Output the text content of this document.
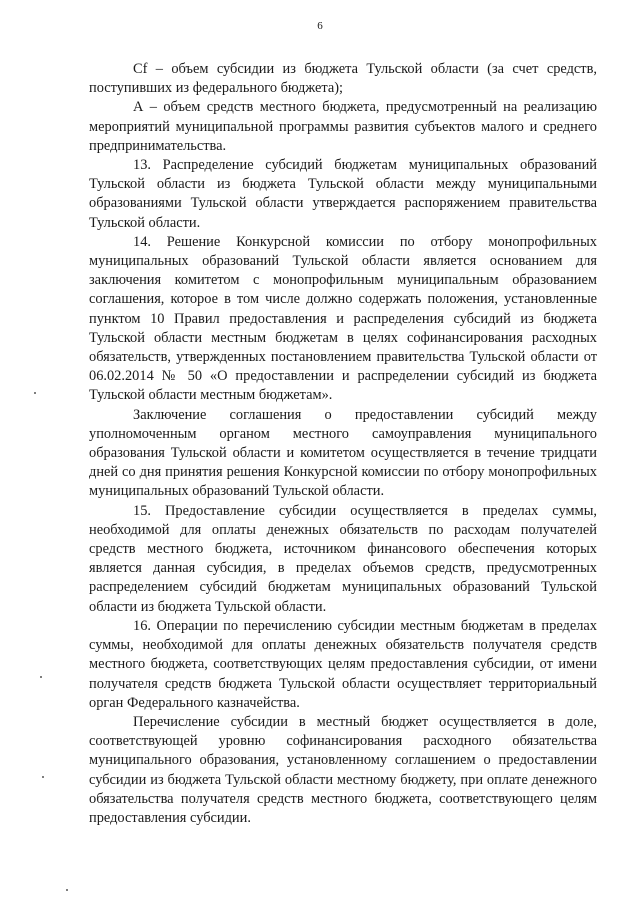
6

Cf – объем субсидии из бюджета Тульской области (за счет средств, поступивших из федерального бюджета);

А – объем средств местного бюджета, предусмотренный на реализацию мероприятий муниципальной программы развития субъектов малого и среднего предпринимательства.

13. Распределение субсидий бюджетам муниципальных образований Тульской области из бюджета Тульской области между муниципальными образованиями Тульской области утверждается распоряжением правительства Тульской области.

14. Решение Конкурсной комиссии по отбору монопрофильных муниципальных образований Тульской области является основанием для заключения комитетом с монопрофильным муниципальным образованием соглашения, которое в том числе должно содержать положения, установленные пунктом 10 Правил предоставления и распределения субсидий из бюджета Тульской области местным бюджетам в целях софинансирования расходных обязательств, утвержденных постановлением правительства Тульской области от 06.02.2014 № 50 «О предоставлении и распределении субсидий из бюджета Тульской области местным бюджетам».

Заключение соглашения о предоставлении субсидий между уполномоченным органом местного самоуправления муниципального образования Тульской области и комитетом осуществляется в течение тридцати дней со дня принятия решения Конкурсной комиссии по отбору монопрофильных муниципальных образований Тульской области.

15. Предоставление субсидии осуществляется в пределах суммы, необходимой для оплаты денежных обязательств по расходам получателей средств местного бюджета, источником финансового обеспечения которых является данная субсидия, в пределах объемов средств, предусмотренных распределением субсидий бюджетам муниципальных образований Тульской области из бюджета Тульской области.

16. Операции по перечислению субсидии местным бюджетам в пределах суммы, необходимой для оплаты денежных обязательств получателя средств местного бюджета, соответствующих целям предоставления субсидии, от имени получателя средств бюджета Тульской области осуществляет территориальный орган Федерального казначейства.

Перечисление субсидии в местный бюджет осуществляется в доле, соответствующей уровню софинансирования расходного обязательства муниципального образования, установленному соглашением о предоставлении субсидии из бюджета Тульской области местному бюджету, при оплате денежного обязательства получателя средств местного бюджета, соответствующего целям предоставления субсидии.
